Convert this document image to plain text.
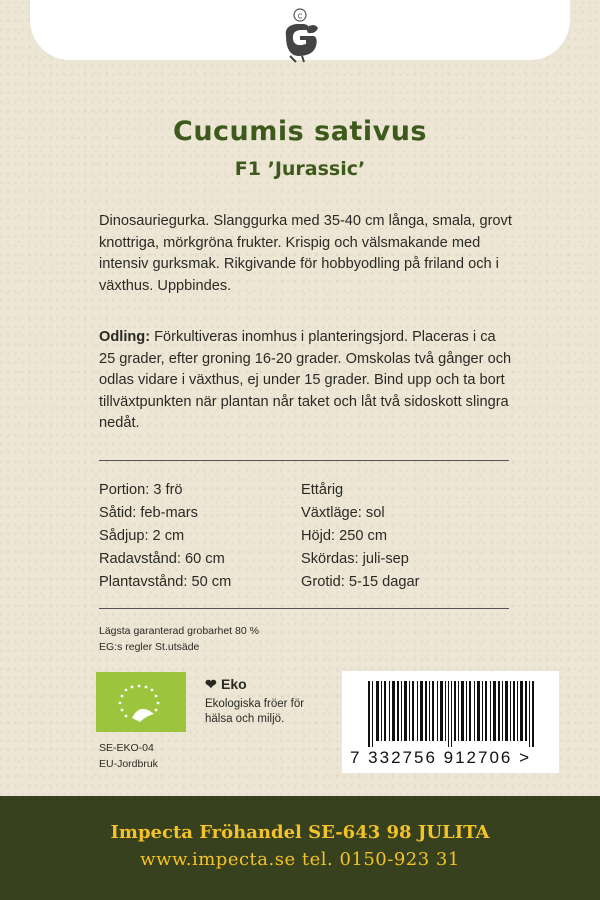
c
Cucumis sativus
F1 ’Jurassic’

Dinosauriegurka. Slanggurka med 35-40 cm långa, smala, grovt knottriga, mörkgröna frukter. Krispig och välsmakande med intensiv gurksmak. Rikgivande för hobbyodling på friland och i växthus. Uppbindes.

Odling: Förkultiveras inomhus i planteringsjord. Placeras i ca 25 grader, efter groning 16-20 grader. Omskolas två gånger och odlas vidare i växthus, ej under 15 grader. Bind upp och ta bort tillväxtpunkten när plantan når taket och låt två sidoskott slingra nedåt.

Portion: 3 frö
Såtid: feb-mars
Sådjup: 2 cm
Radavstånd: 60 cm
Plantavstånd: 50 cm
Ettårig
Växtläge: sol
Höjd: 250 cm
Skördas: juli-sep
Grotid: 5-15 dagar
Lägsta garanterad grobarhet 80 %
EG:s regler St.utsäde
❤ Eko
Ekologiska fröer för
hälsa och miljö.
SE-EKO-04
EU-Jordbruk	7 332756 912706 >
Impecta Fröhandel SE-643 98 JULITA
www.impecta.se tel. 0150-923 31
